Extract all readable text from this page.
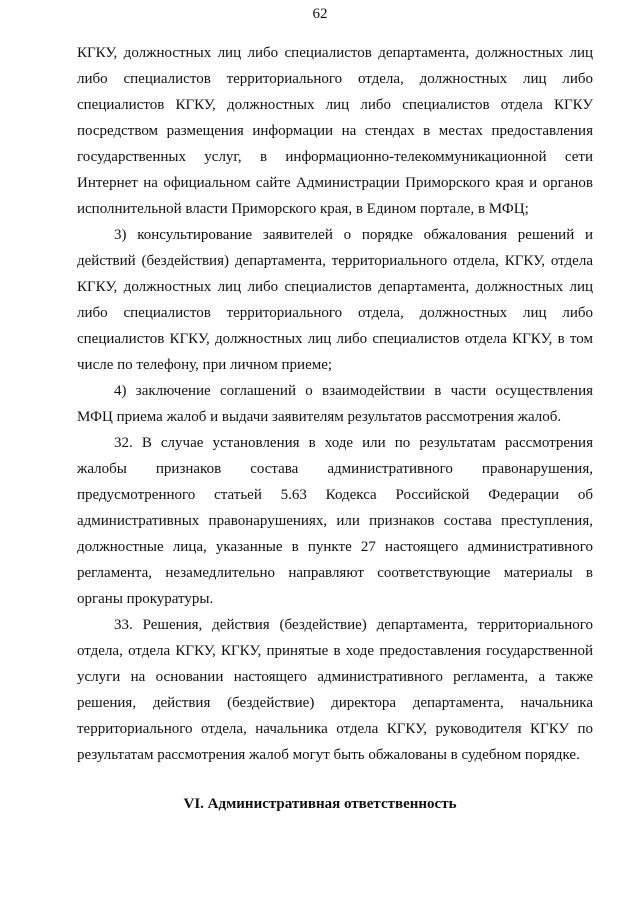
62

КГКУ, должностных лиц либо специалистов департамента, должностных лиц либо специалистов территориального отдела, должностных лиц либо специалистов КГКУ, должностных лиц либо специалистов отдела КГКУ посредством размещения информации на стендах в местах предоставления государственных услуг, в информационно-телекоммуникационной сети Интернет на официальном сайте Администрации Приморского края и органов исполнительной власти Приморского края, в Едином портале, в МФЦ;

3) консультирование заявителей о порядке обжалования решений и действий (бездействия) департамента, территориального отдела, КГКУ, отдела КГКУ, должностных лиц либо специалистов департамента, должностных лиц либо специалистов территориального отдела, должностных лиц либо специалистов КГКУ, должностных лиц либо специалистов отдела КГКУ, в том числе по телефону, при личном приеме;

4) заключение соглашений о взаимодействии в части осуществления МФЦ приема жалоб и выдачи заявителям результатов рассмотрения жалоб.

32. В случае установления в ходе или по результатам рассмотрения жалобы признаков состава административного правонарушения, предусмотренного статьей 5.63 Кодекса Российской Федерации об административных правонарушениях, или признаков состава преступления, должностные лица, указанные в пункте 27 настоящего административного регламента, незамедлительно направляют соответствующие материалы в органы прокуратуры.

33. Решения, действия (бездействие) департамента, территориального отдела, отдела КГКУ, КГКУ, принятые в ходе предоставления государственной услуги на основании настоящего административного регламента, а также решения, действия (бездействие) директора департамента, начальника территориального отдела, начальника отдела КГКУ, руководителя КГКУ по результатам рассмотрения жалоб могут быть обжалованы в судебном порядке.

VI. Административная ответственность
